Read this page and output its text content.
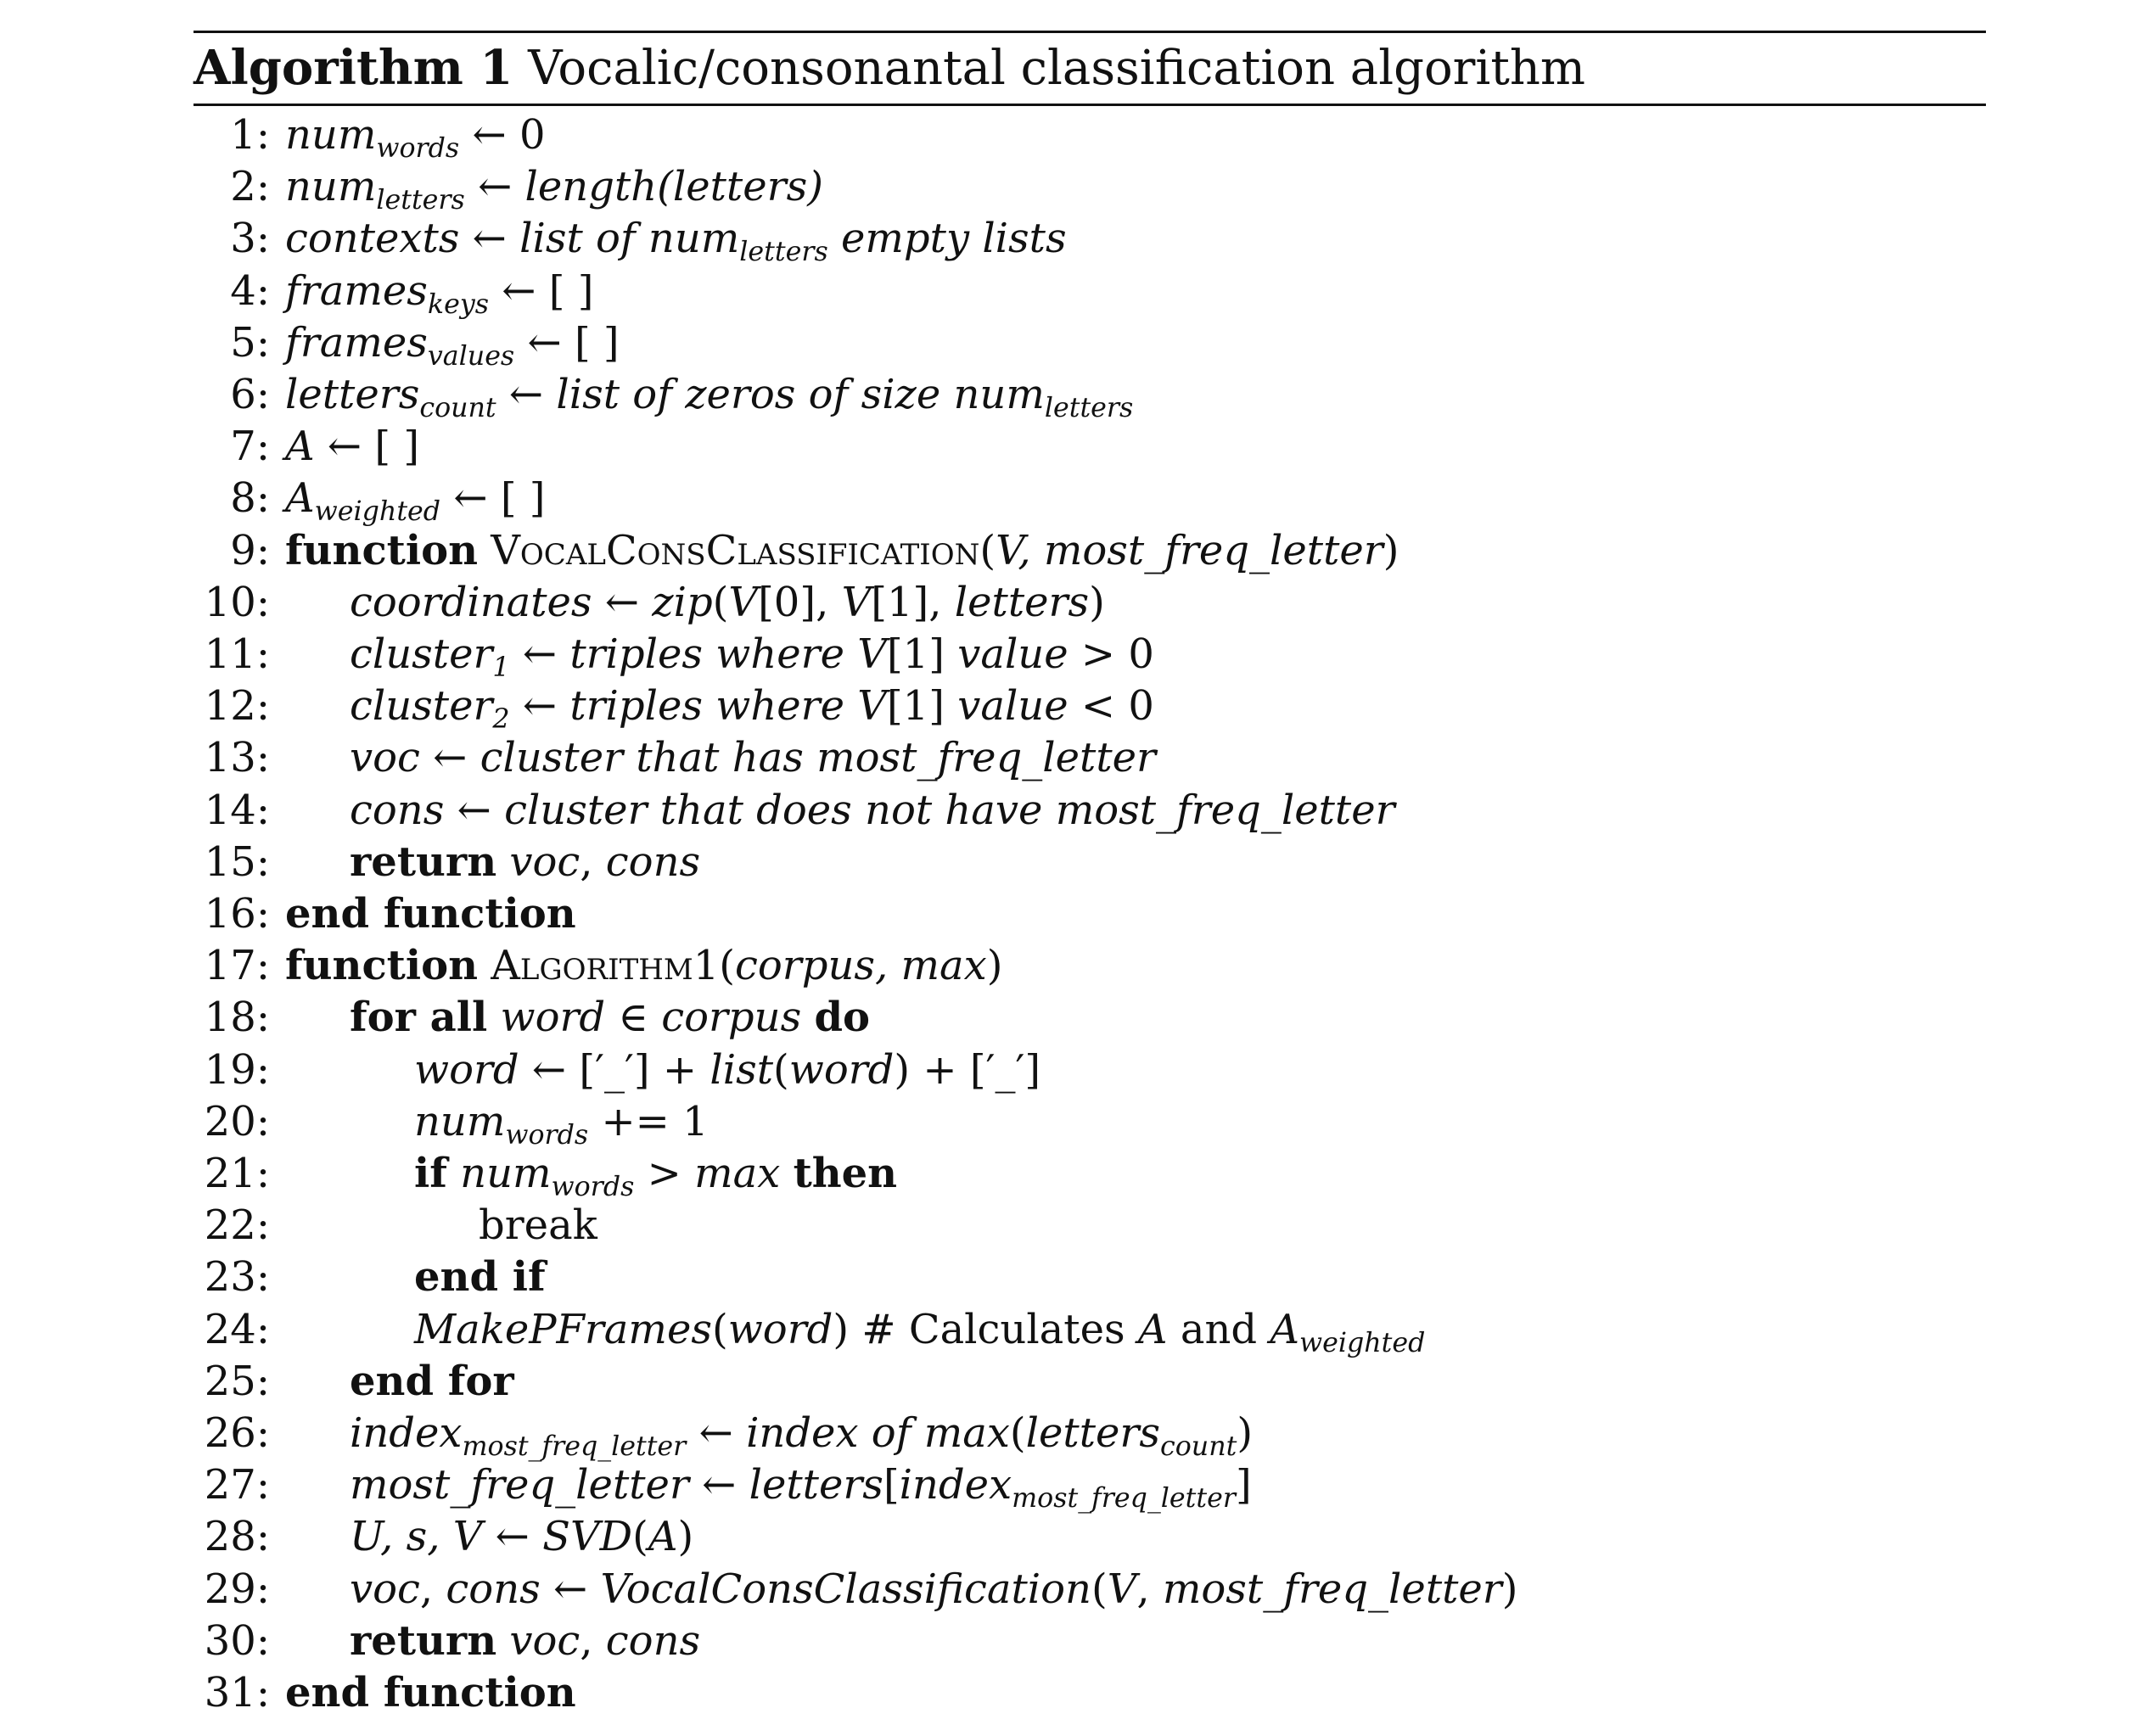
Algorithm 1 Vocalic/consonantal classification algorithm
1: num$_{words}$ ← 0
2: num$_{letters}$ ← length(letters)
3: contexts ← list of num$_{letters}$ empty lists
4: frames$_{keys}$ ← [ ]
5: frames$_{values}$ ← [ ]
6: letters$_{count}$ ← list of zeros of size num$_{letters}$
7: A ← [ ]
8: $A_{weighted}$ ← [ ]
9: function VocalConsClassification(V, most_freq_letter)
10: coordinates ← zip(V[0], V[1], letters)
11: cluster$_1$ ← triples where V[1] value > 0
12: cluster$_2$ ← triples where V[1] value < 0
13: voc ← cluster that has most_freq_letter
14: cons ← cluster that does not have most_freq_letter
15: return voc, cons
16: end function
17: function Algorithm1(corpus, max)
18: for all word ∈ corpus do
19:	word ← [′_′] + list(word) + [′_′]
20:	num$_{words}$ += 1
21:	if num$_{words}$ > max then
22:	break
23:	end if
24:	MakePFrames(word) # Calculates A and $A_{weighted}$
25: end for
26: index$_{most\_freq\_letter}$ ← index of max(letters$_{count}$)
27: most_freq_letter ← letters[index$_{most\_freq\_letter}$]
28: U, s, V ← SVD(A)
29: voc, cons ← VocalConsClassification(V, most_freq_letter)
30: return voc, cons
31: end function
